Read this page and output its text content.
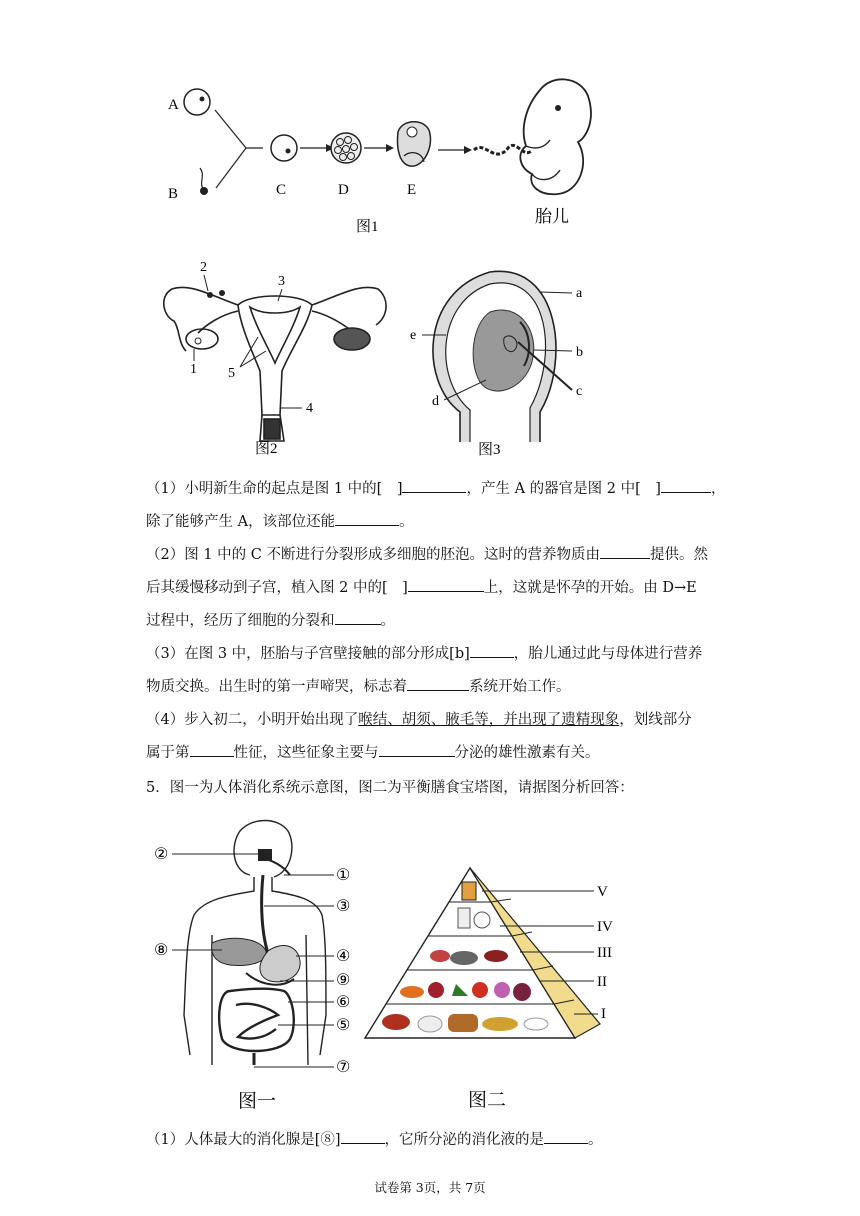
A
B	C	D	E
胎儿
图1
2
3
1 5
4
图2
a
e
b
c
d
图3
（1）小明新生命的起点是图 1 中的[　]	，产生 A 的器官是图 2 中[　]	，
除了能够产生 A，该部位还能	。
（2）图 1 中的 C 不断进行分裂形成多细胞的胚泡。这时的营养物质由	提供。然
后其缓慢移动到子宫，植入图 2 中的[　]	上，这就是怀孕的开始。由 D→E
过程中，经历了细胞的分裂和	。
（3）在图 3 中，胚胎与子宫壁接触的部分形成[b]	，胎儿通过此与母体进行营养
物质交换。出生时的第一声啼哭，标志着	系统开始工作。
（4）步入初二，小明开始出现了喉结、胡须、腋毛等，并出现了遗精现象，划线部分
属于第	性征，这些征象主要与	分泌的雄性激素有关。
5．图一为人体消化系统示意图，图二为平衡膳食宝塔图，请据图分析回答：
②
①
③
⑧	④
⑨
⑥
⑤
⑦
图一
V
IV
III
II
I
图二
（1）人体最大的消化腺是[⑧]	，它所分泌的消化液的是	。
试卷第 3页，共 7页
